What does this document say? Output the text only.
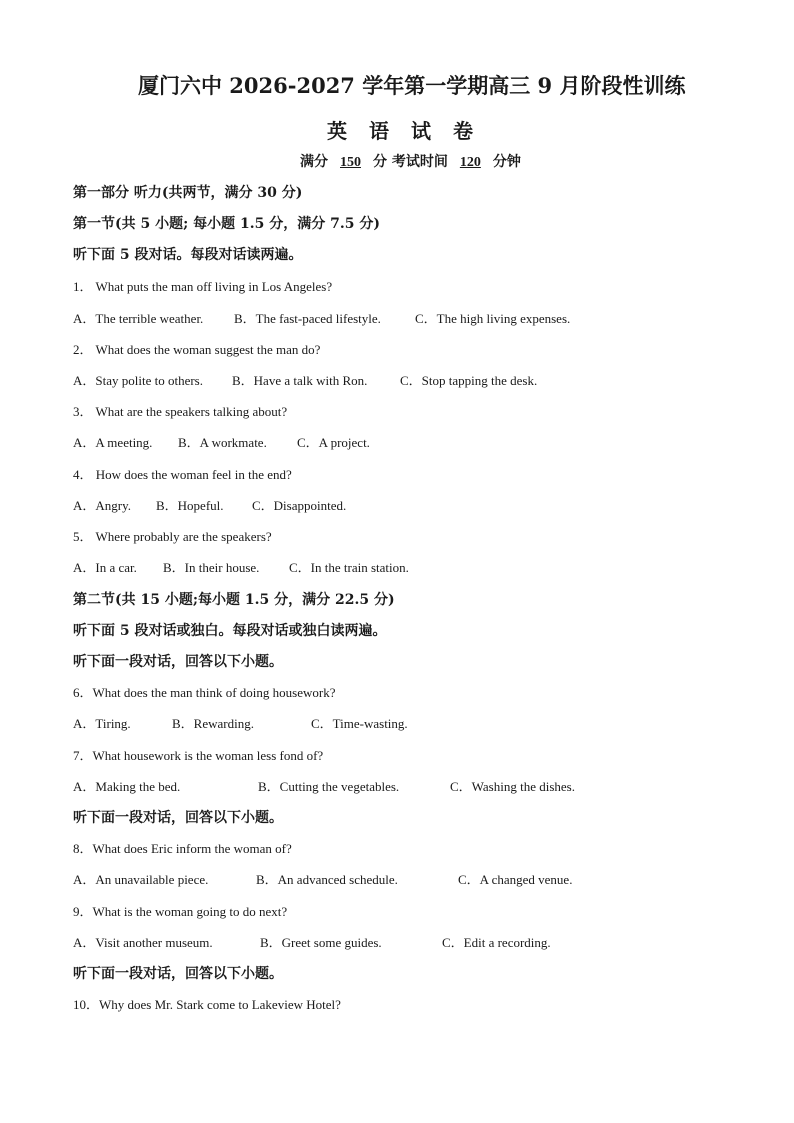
厦门六中 2026-2027 学年第一学期高三 9 月阶段性训练
英语试卷
满分 150 分 考试时间 120 分钟
第一部分 听力(共两节，满分 30 分)
第一节(共 5 小题; 每小题 1.5 分，满分 7.5 分)
听下面 5 段对话。每段对话读两遍。
1． What puts the man off living in Los Angeles?
A．The terrible weather. B．The fast-paced lifestyle.	C．The high living expenses.
2． What does the woman suggest the man do?
A．Stay polite to others. B．Have a talk with Ron.	C．Stop tapping the desk.
3． What are the speakers talking about?
A．A meeting. B．A workmate. C．A project.
4． How does the woman feel in the end?
A．Angry. B．Hopeful. C．Disappointed.
5． Where probably are the speakers?
A．In a car. B．In their house. C．In the train station.
第二节(共 15 小题;每小题 1.5 分，满分 22.5 分)
听下面 5 段对话或独白。每段对话或独白读两遍。
听下面一段对话，回答以下小题。
6．What does the man think of doing housework?
A．Tiring.	B．Rewarding.	C．Time-wasting.
7．What housework is the woman less fond of?
A．Making the bed.	B．Cutting the vegetables.	C．Washing the dishes.
听下面一段对话，回答以下小题。
8．What does Eric inform the woman of?
A．An unavailable piece.	B．An advanced schedule.	C．A changed venue.
9．What is the woman going to do next?
A．Visit another museum.	B．Greet some guides.	C．Edit a recording.
听下面一段对话，回答以下小题。
10．Why does Mr. Stark come to Lakeview Hotel?
